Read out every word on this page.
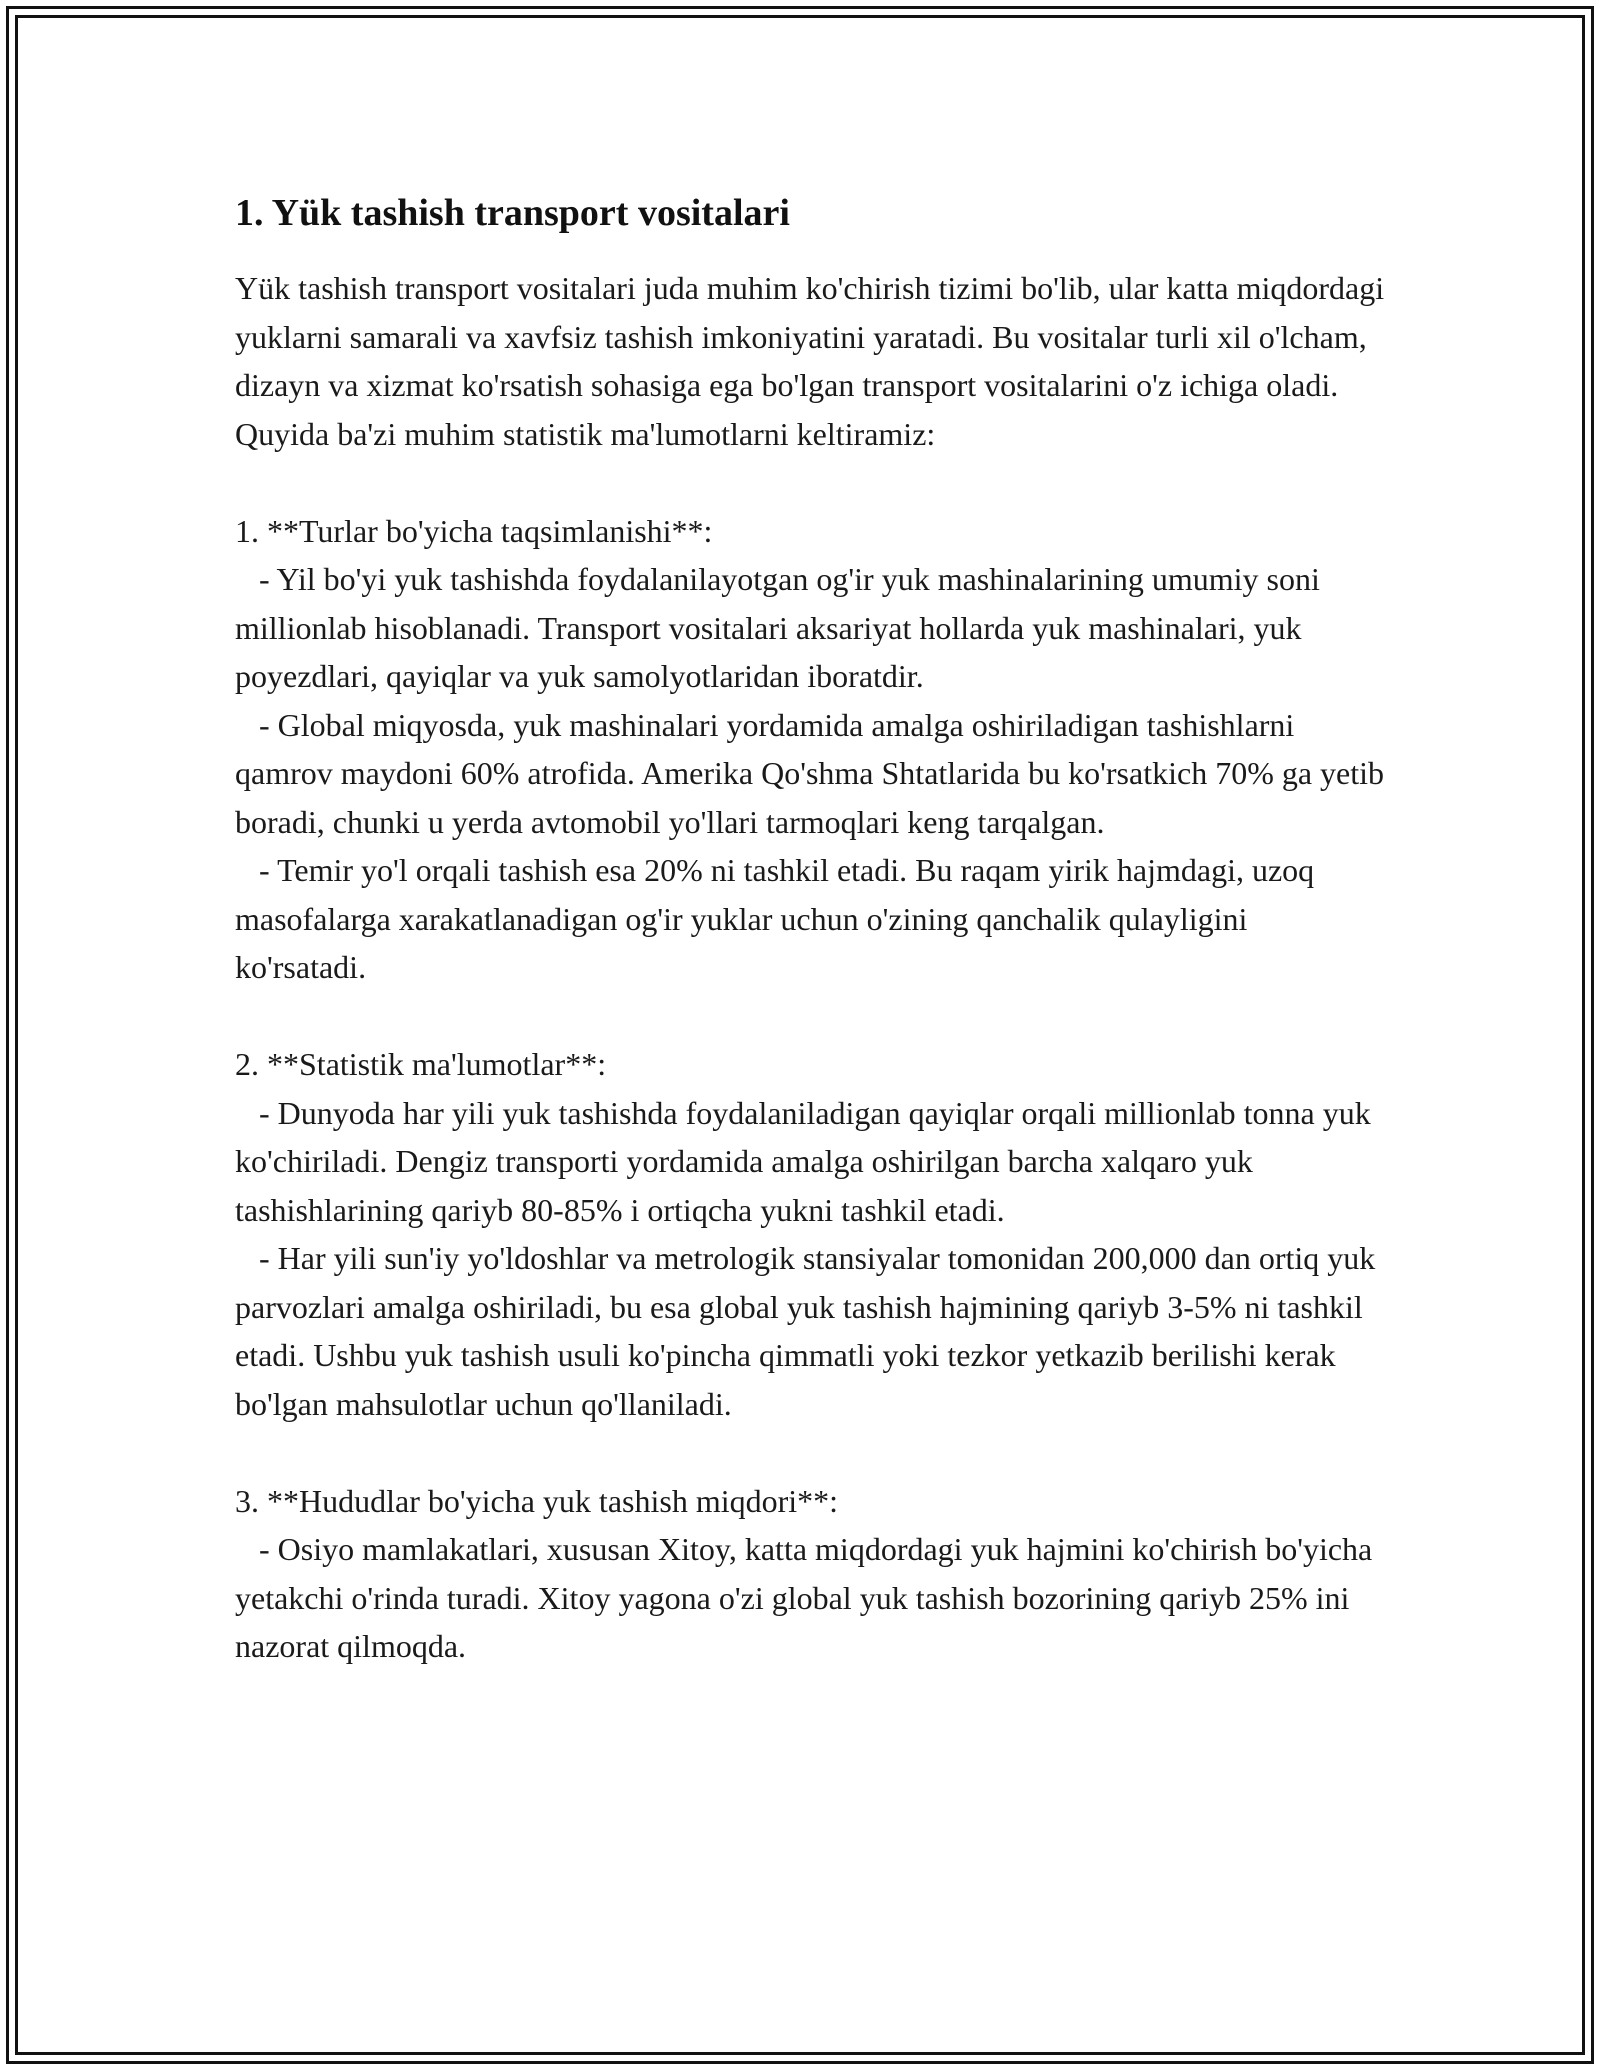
1. Yük tashish transport vositalari

Yük tashish transport vositalari juda muhim ko'chirish tizimi bo'lib, ular katta miqdordagi yuklarni samarali va xavfsiz tashish imkoniyatini yaratadi. Bu vositalar turli xil o'lcham, dizayn va xizmat ko'rsatish sohasiga ega bo'lgan transport vositalarini o'z ichiga oladi. Quyida ba'zi muhim statistik ma'lumotlarni keltiramiz:

1. **Turlar bo'yicha taqsimlanishi**:

- Yil bo'yi yuk tashishda foydalanilayotgan og'ir yuk mashinalarining umumiy soni millionlab hisoblanadi. Transport vositalari aksariyat hollarda yuk mashinalari, yuk poyezdlari, qayiqlar va yuk samolyotlaridan iboratdir.

- Global miqyosda, yuk mashinalari yordamida amalga oshiriladigan tashishlarni qamrov maydoni 60% atrofida. Amerika Qo'shma Shtatlarida bu ko'rsatkich 70% ga yetib boradi, chunki u yerda avtomobil yo'llari tarmoqlari keng tarqalgan.

- Temir yo'l orqali tashish esa 20% ni tashkil etadi. Bu raqam yirik hajmdagi, uzoq masofalarga xarakatlanadigan og'ir yuklar uchun o'zining qanchalik qulayligini ko'rsatadi.

2. **Statistik ma'lumotlar**:

- Dunyoda har yili yuk tashishda foydalaniladigan qayiqlar orqali millionlab tonna yuk ko'chiriladi. Dengiz transporti yordamida amalga oshirilgan barcha xalqaro yuk tashishlarining qariyb 80-85% i ortiqcha yukni tashkil etadi.

- Har yili sun'iy yo'ldoshlar va metrologik stansiyalar tomonidan 200,000 dan ortiq yuk parvozlari amalga oshiriladi, bu esa global yuk tashish hajmining qariyb 3-5% ni tashkil etadi. Ushbu yuk tashish usuli ko'pincha qimmatli yoki tezkor yetkazib berilishi kerak bo'lgan mahsulotlar uchun qo'llaniladi.

3. **Hududlar bo'yicha yuk tashish miqdori**:

- Osiyo mamlakatlari, xususan Xitoy, katta miqdordagi yuk hajmini ko'chirish bo'yicha yetakchi o'rinda turadi. Xitoy yagona o'zi global yuk tashish bozorining qariyb 25% ini nazorat qilmoqda.
